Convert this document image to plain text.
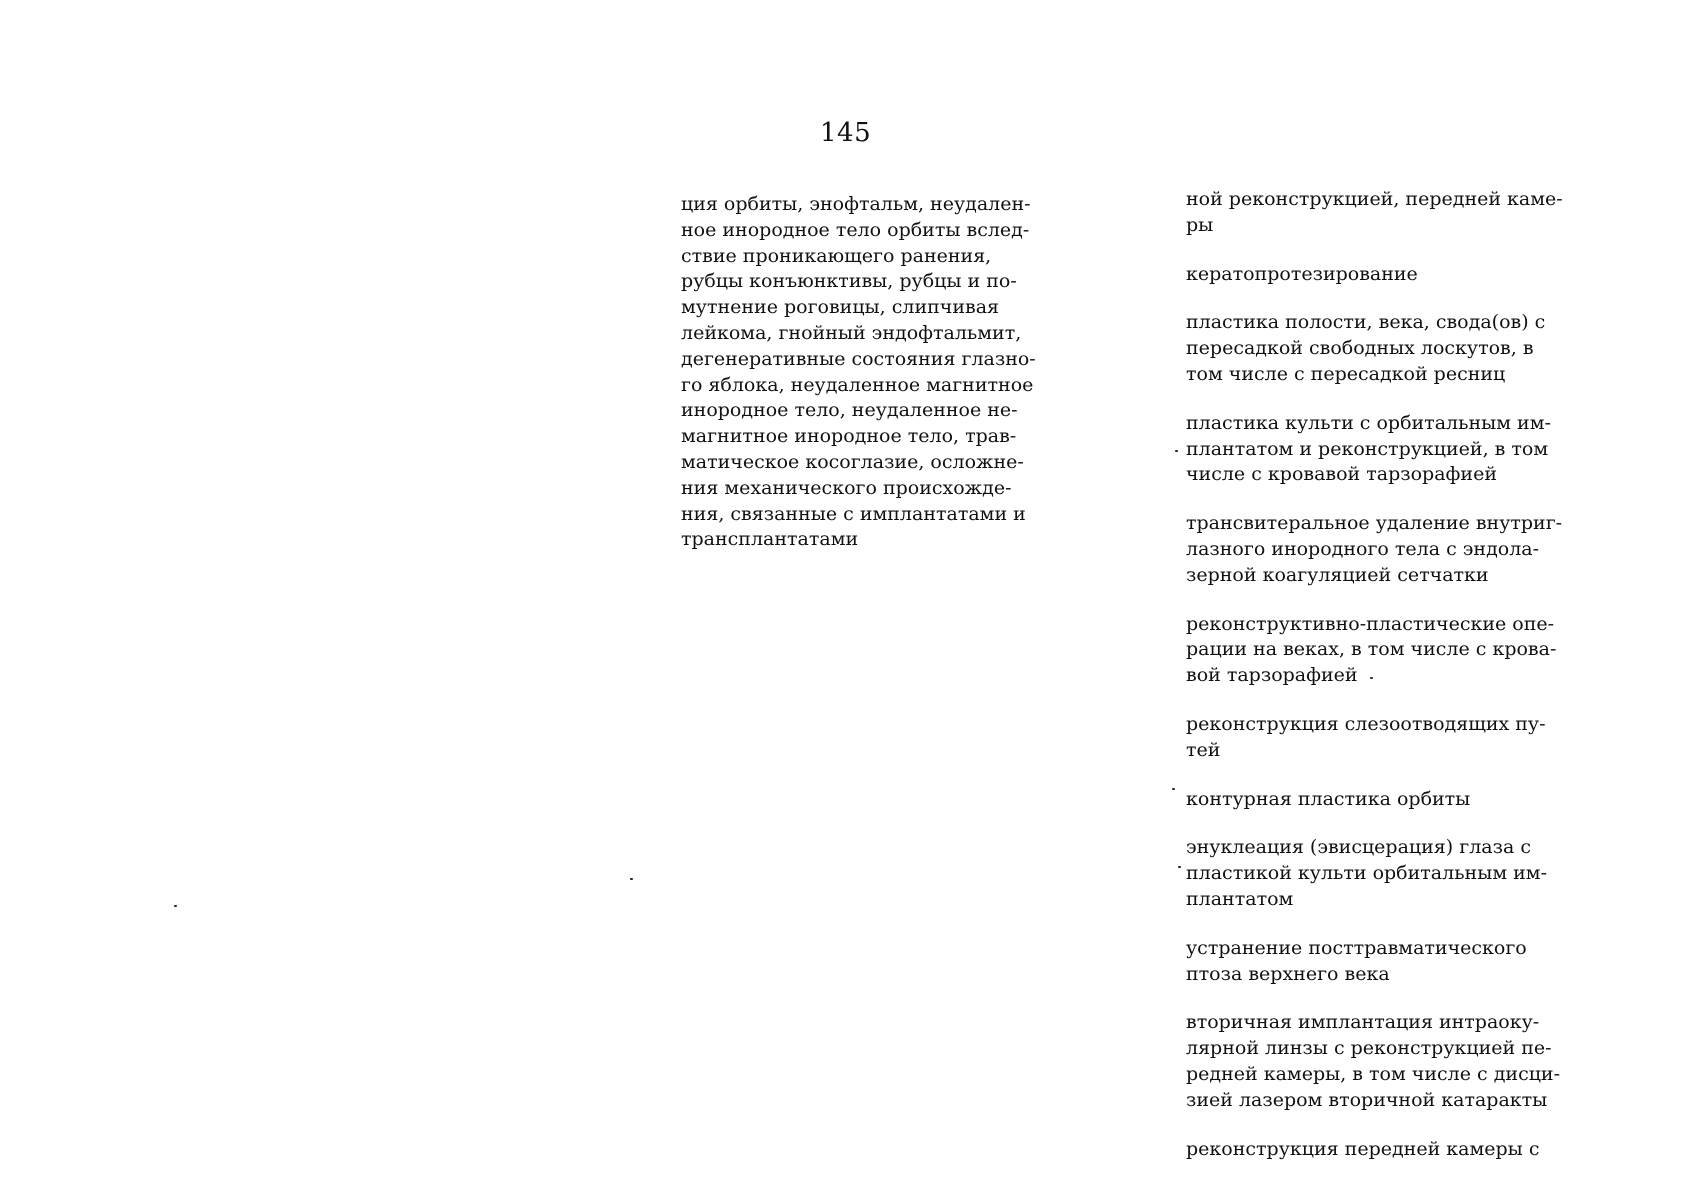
145
ция орбиты, энофтальм, неудален-
ное инородное тело орбиты вслед-
ствие проникающего ранения,
рубцы конъюнктивы, рубцы и по-
мутнение роговицы, слипчивая
лейкома, гнойный эндофтальмит,
дегенеративные состояния глазно-
го яблока, неудаленное магнитное
инородное тело, неудаленное не-
магнитное инородное тело, трав-
матическое косоглазие, осложне-
ния механического происхожде-
ния, связанные с имплантатами и
трансплантатами
ной реконструкцией, передней каме-
ры
кератопротезирование
пластика полости, века, свода(ов) с
пересадкой свободных лоскутов, в
том числе с пересадкой ресниц
пластика культи с орбитальным им-
плантатом и реконструкцией, в том
числе с кровавой тарзорафией
трансвитеральное удаление внутриг-
лазного инородного тела с эндола-
зерной коагуляцией сетчатки
реконструктивно-пластические опе-
рации на веках, в том числе с крова-
вой тарзорафией
реконструкция слезоотводящих пу-
тей
контурная пластика орбиты
энуклеация (эвисцерация) глаза с
пластикой культи орбитальным им-
плантатом
устранение посттравматического
птоза верхнего века
вторичная имплантация интраоку-
лярной линзы с реконструкцией пе-
редней камеры, в том числе с дисци-
зией лазером вторичной катаракты
реконструкция передней камеры с
